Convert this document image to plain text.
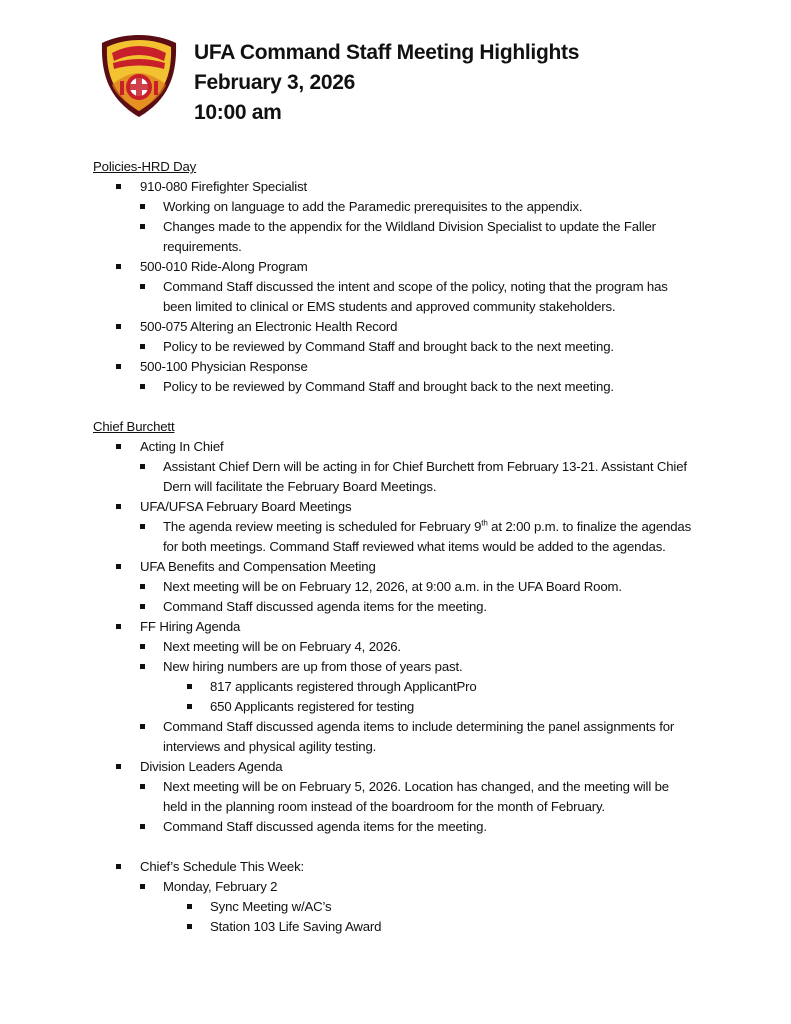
UFA Command Staff Meeting Highlights
February 3, 2026
10:00 am
Policies-HRD Day
910-080 Firefighter Specialist
Working on language to add the Paramedic prerequisites to the appendix.
Changes made to the appendix for the Wildland Division Specialist to update the Faller requirements.
500-010 Ride-Along Program
Command Staff discussed the intent and scope of the policy, noting that the program has been limited to clinical or EMS students and approved community stakeholders.
500-075 Altering an Electronic Health Record
Policy to be reviewed by Command Staff and brought back to the next meeting.
500-100 Physician Response
Policy to be reviewed by Command Staff and brought back to the next meeting.
Chief Burchett
Acting In Chief
Assistant Chief Dern will be acting in for Chief Burchett from February 13-21. Assistant Chief Dern will facilitate the February Board Meetings.
UFA/UFSA February Board Meetings
The agenda review meeting is scheduled for February 9th at 2:00 p.m. to finalize the agendas for both meetings. Command Staff reviewed what items would be added to the agendas.
UFA Benefits and Compensation Meeting
Next meeting will be on February 12, 2026, at 9:00 a.m. in the UFA Board Room.
Command Staff discussed agenda items for the meeting.
FF Hiring Agenda
Next meeting will be on February 4, 2026.
New hiring numbers are up from those of years past.
817 applicants registered through ApplicantPro
650 Applicants registered for testing
Command Staff discussed agenda items to include determining the panel assignments for interviews and physical agility testing.
Division Leaders Agenda
Next meeting will be on February 5, 2026. Location has changed, and the meeting will be held in the planning room instead of the boardroom for the month of February.
Command Staff discussed agenda items for the meeting.
Chief’s Schedule This Week:
Monday, February 2
Sync Meeting w/AC’s
Station 103 Life Saving Award
